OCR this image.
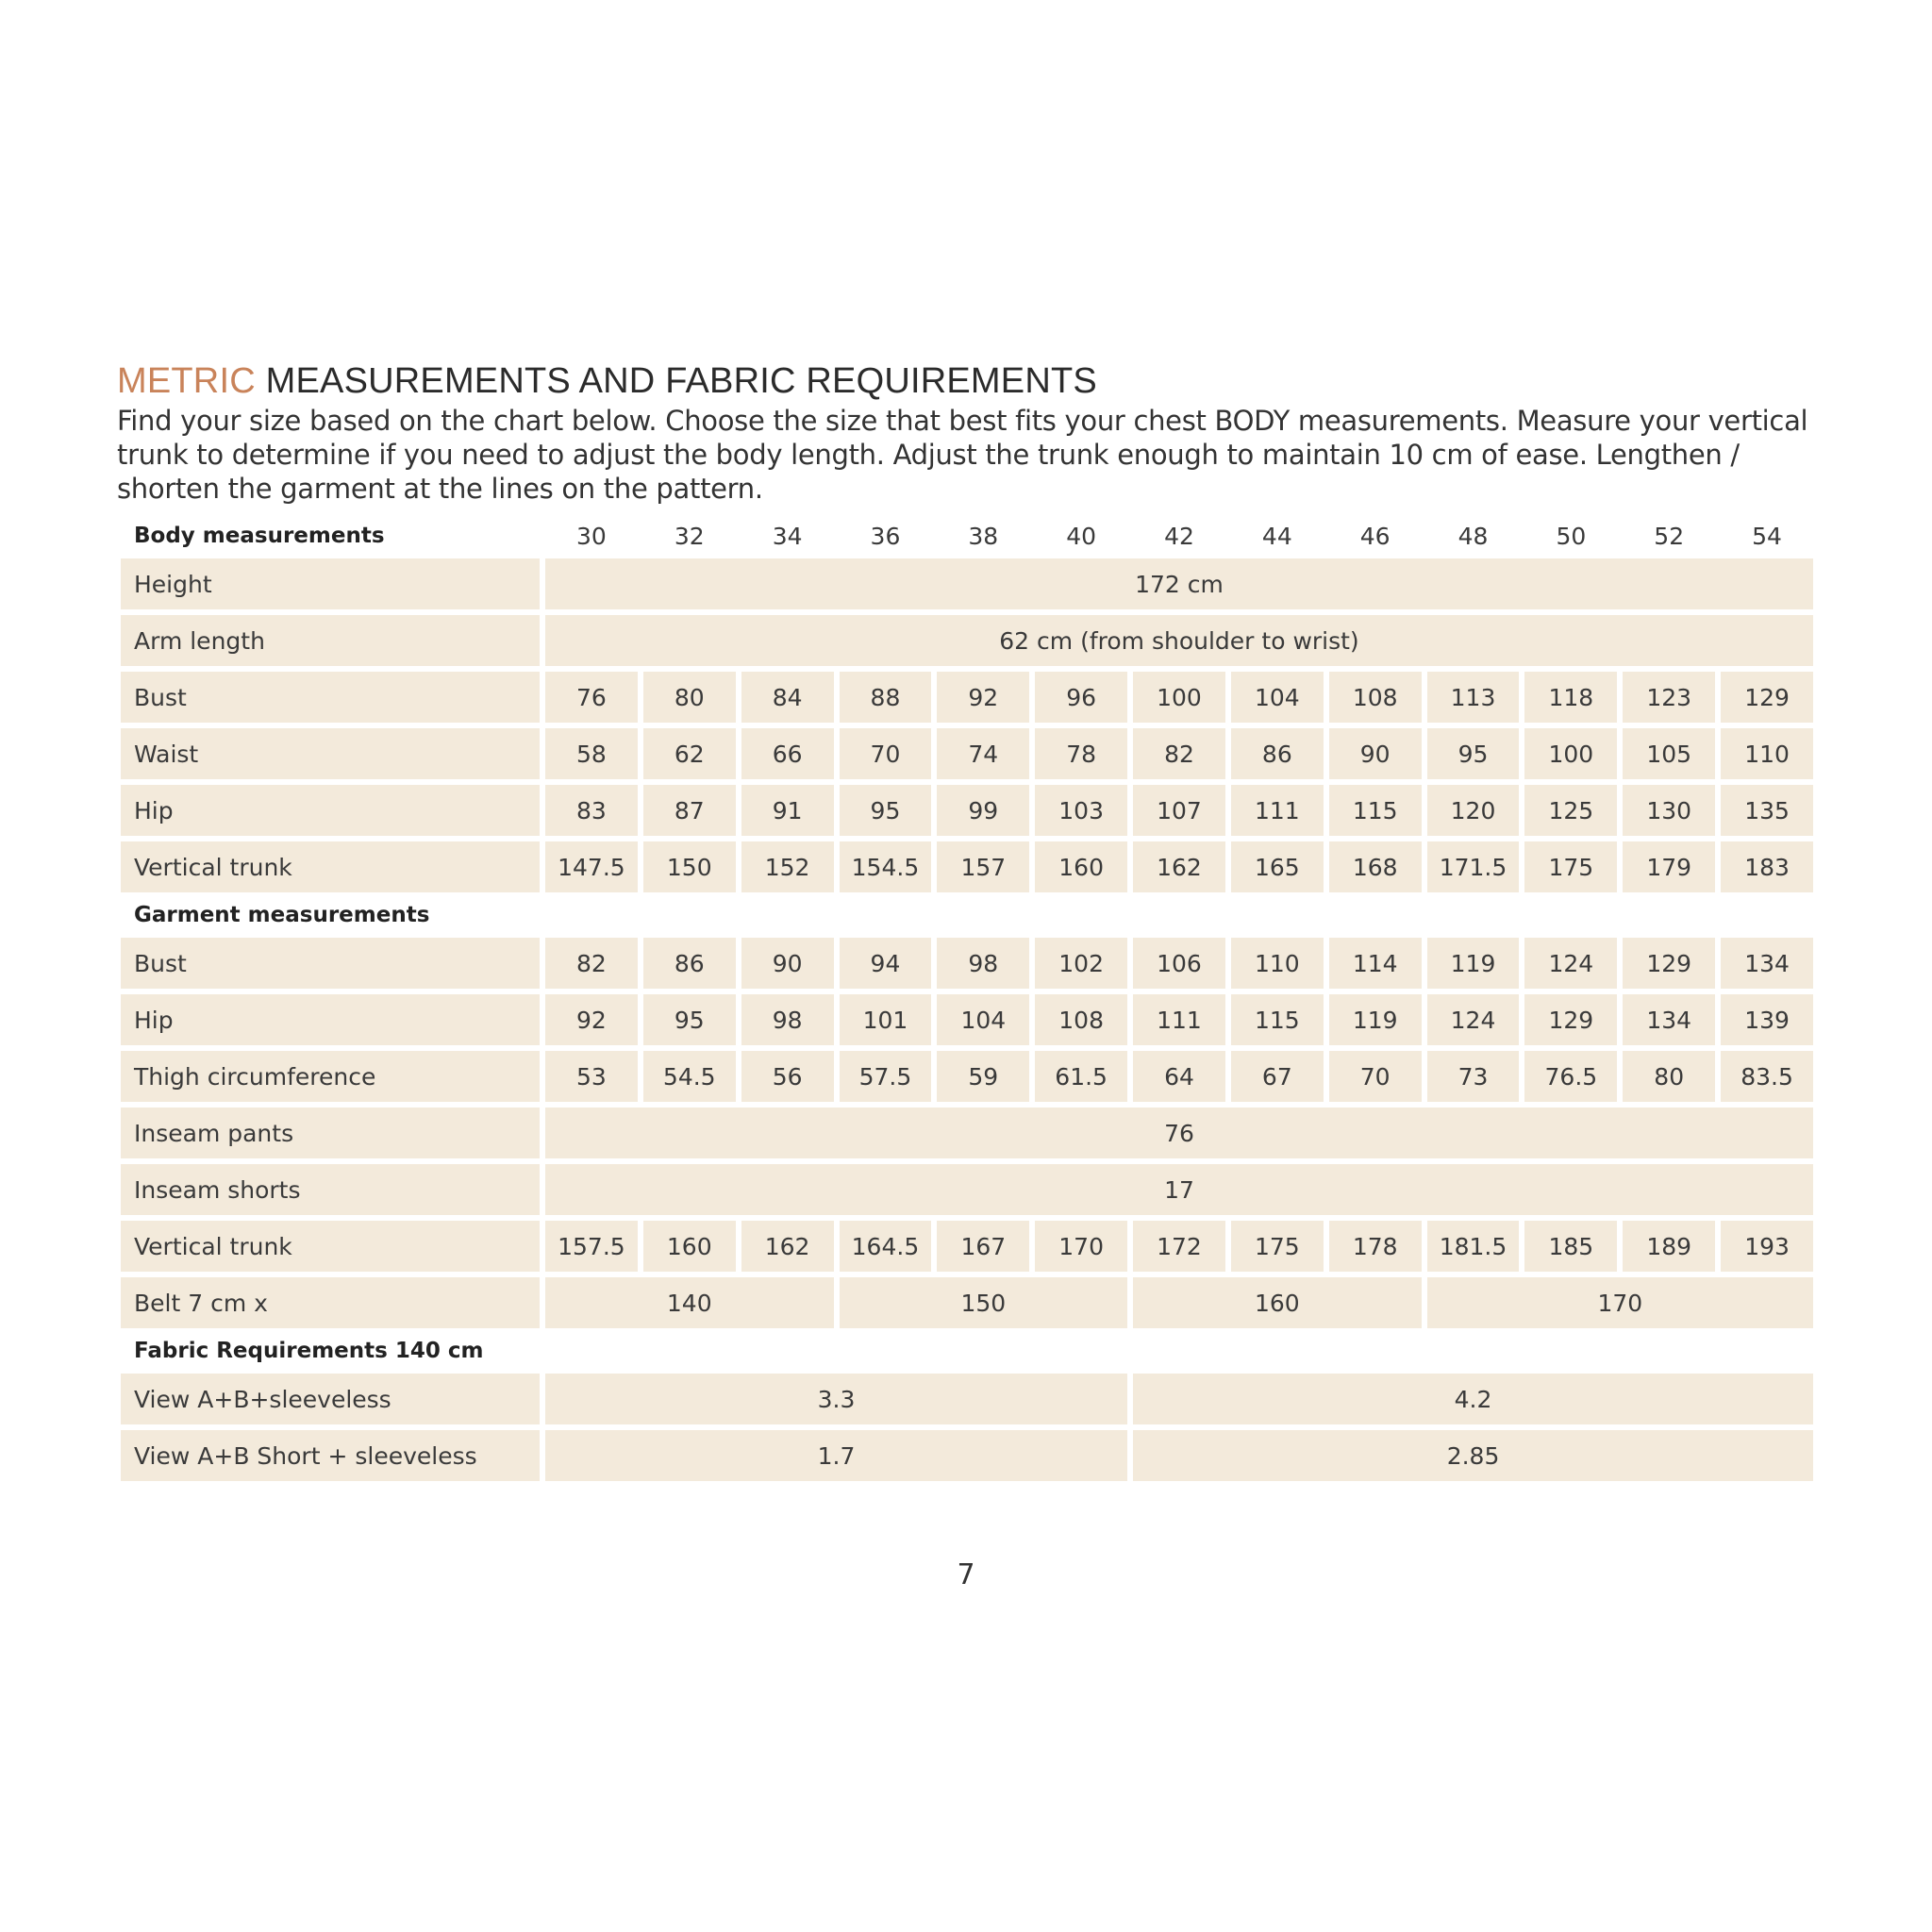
METRIC MEASUREMENTS AND FABRIC REQUIREMENTS

Find your size based on the chart below. Choose the size that best fits your chest BODY measurements. Measure your vertical trunk to determine if you need to adjust the body length. Adjust the trunk enough to maintain 10 cm of ease. Lengthen / shorten the garment at the lines on the pattern.

Body measurements	30	32	34	36	38	40	42	44	46	48	50	52	54
Height	172 cm												
Arm length	62 cm (from shoulder to wrist)												
Bust	76	80	84	88	92	96	100	104	108	113	118	123	129
Waist	58	62	66	70	74	78	82	86	90	95	100	105	110
Hip	83	87	91	95	99	103	107	111	115	120	125	130	135
Vertical trunk	147.5	150	152	154.5	157	160	162	165	168	171.5	175	179	183
Garment measurements													
Bust	82	86	90	94	98	102	106	110	114	119	124	129	134
Hip	92	95	98	101	104	108	111	115	119	124	129	134	139
Thigh circumference	53	54.5	56	57.5	59	61.5	64	67	70	73	76.5	80	83.5
Inseam pants	76												
Inseam shorts	17												
Vertical trunk	157.5	160	162	164.5	167	170	172	175	178	181.5	185	189	193
Belt 7 cm x	140			150			160			170			
Fabric Requirements 140 cm													
View A+B+sleeveless	3.3						4.2						
View A+B Short + sleeveless	1.7						2.85						
7
